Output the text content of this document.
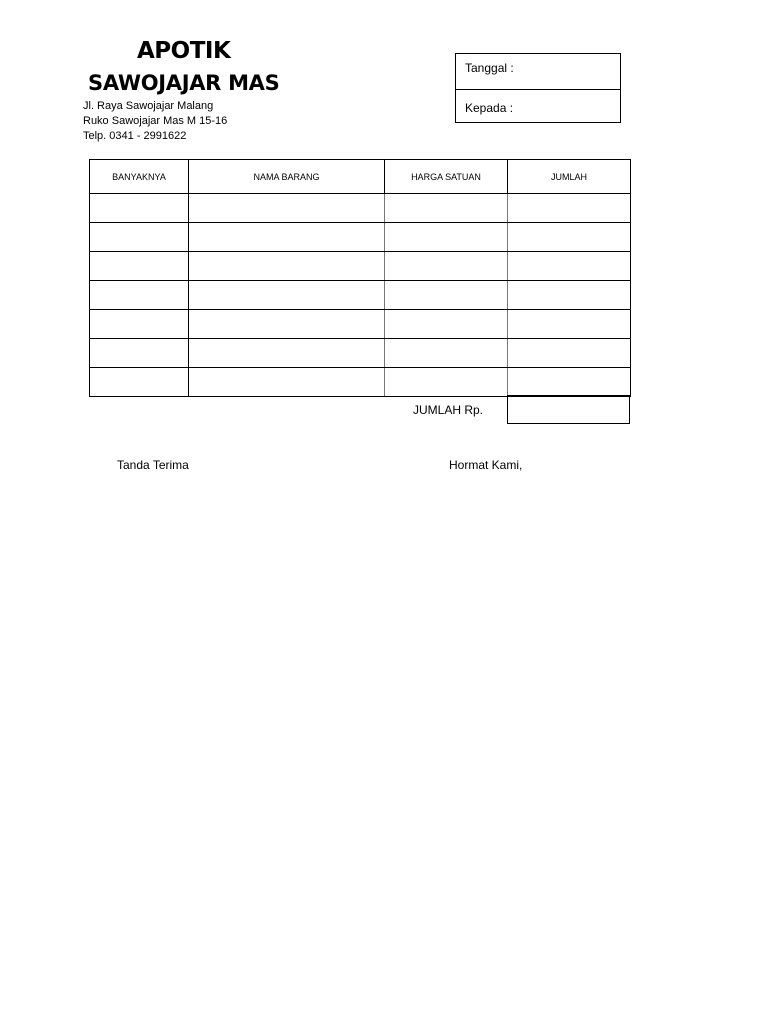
APOTIK
SAWOJAJAR MAS
Jl. Raya Sawojajar Malang
Ruko Sawojajar Mas M 15-16
Telp. 0341 - 2991622
Tanggal :
Kepada :
BANYAKNYA	NAMA BARANG	HARGA SATUAN	JUMLAH

JUMLAH Rp.
Tanda Terima	Hormat Kami,
